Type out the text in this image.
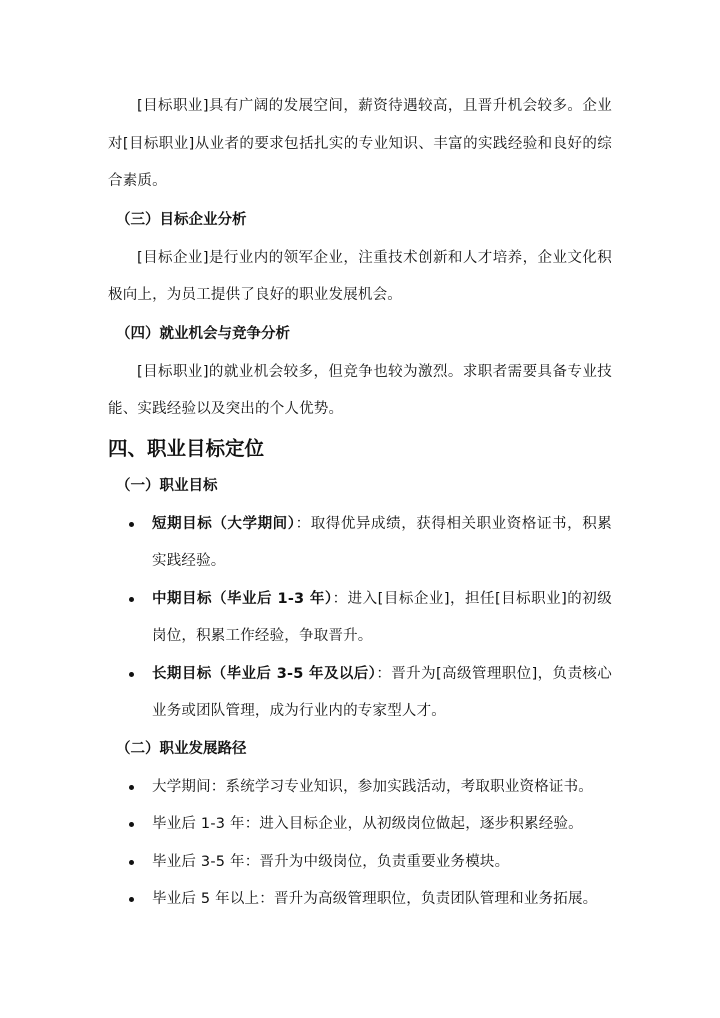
[目标职业]具有广阔的发展空间，薪资待遇较高，且晋升机会较多。企业对[目标职业]从业者的要求包括扎实的专业知识、丰富的实践经验和良好的综合素质。

（三）目标企业分析

[目标企业]是行业内的领军企业，注重技术创新和人才培养，企业文化积极向上，为员工提供了良好的职业发展机会。

（四）就业机会与竞争分析

[目标职业]的就业机会较多，但竞争也较为激烈。求职者需要具备专业技能、实践经验以及突出的个人优势。

四、职业目标定位
（一）职业目标
短期目标（大学期间）：取得优异成绩，获得相关职业资格证书，积累实践经验。
中期目标（毕业后 1-3 年）：进入[目标企业]，担任[目标职业]的初级岗位，积累工作经验，争取晋升。
长期目标（毕业后 3-5 年及以后）：晋升为[高级管理职位]，负责核心业务或团队管理，成为行业内的专家型人才。
（二）职业发展路径
大学期间：系统学习专业知识，参加实践活动，考取职业资格证书。
毕业后 1-3 年：进入目标企业，从初级岗位做起，逐步积累经验。
毕业后 3-5 年：晋升为中级岗位，负责重要业务模块。
毕业后 5 年以上：晋升为高级管理职位，负责团队管理和业务拓展。
